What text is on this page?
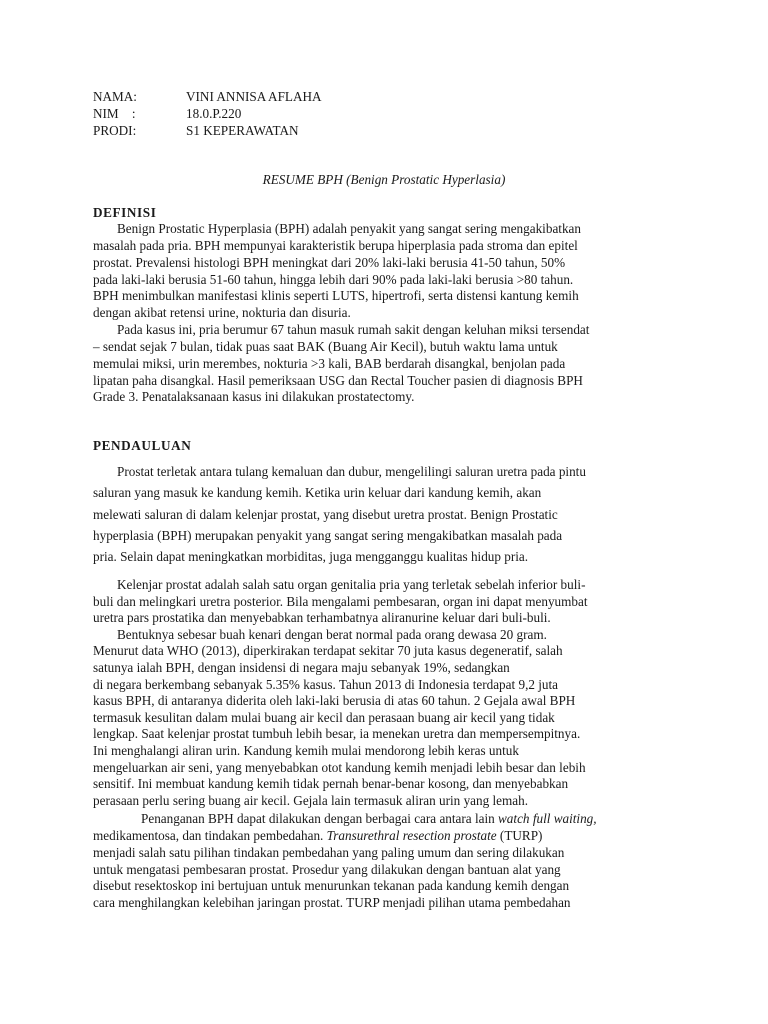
NAMA:	VINI ANNISA AFLAHA
NIM    :	18.0.P.220
PRODI:	S1 KEPERAWATAN
RESUME BPH (Benign Prostatic Hyperlasia)
DEFINISI
Benign Prostatic Hyperplasia (BPH) adalah penyakit yang sangat sering mengakibatkan
masalah pada pria. BPH mempunyai karakteristik berupa hiperplasia pada stroma dan epitel
prostat. Prevalensi histologi BPH meningkat dari 20% laki-laki berusia 41-50 tahun, 50%
pada laki-laki berusia 51-60 tahun, hingga lebih dari 90% pada laki-laki berusia >80 tahun.
BPH menimbulkan manifestasi klinis seperti LUTS, hipertrofi, serta distensi kantung kemih
dengan akibat retensi urine, nokturia dan disuria.
Pada kasus ini, pria berumur 67 tahun masuk rumah sakit dengan keluhan miksi tersendat
– sendat sejak 7 bulan, tidak puas saat BAK (Buang Air Kecil), butuh waktu lama untuk
memulai miksi, urin merembes, nokturia >3 kali, BAB berdarah disangkal, benjolan pada
lipatan paha disangkal. Hasil pemeriksaan USG dan Rectal Toucher pasien di diagnosis BPH
Grade 3. Penatalaksanaan kasus ini dilakukan prostatectomy.
PENDAULUAN
Prostat terletak antara tulang kemaluan dan dubur, mengelilingi saluran uretra pada pintu
saluran yang masuk ke kandung kemih. Ketika urin keluar dari kandung kemih, akan
melewati saluran di dalam kelenjar prostat, yang disebut uretra prostat. Benign Prostatic
hyperplasia (BPH) merupakan penyakit yang sangat sering mengakibatkan masalah pada
pria. Selain dapat meningkatkan morbiditas, juga mengganggu kualitas hidup pria.
Kelenjar prostat adalah salah satu organ genitalia pria yang terletak sebelah inferior buli-
buli dan melingkari uretra posterior. Bila mengalami pembesaran, organ ini dapat menyumbat
uretra pars prostatika dan menyebabkan terhambatnya aliranurine keluar dari buli-buli.
Bentuknya sebesar buah kenari dengan berat normal pada orang dewasa 20 gram.
Menurut data WHO (2013), diperkirakan terdapat sekitar 70 juta kasus degeneratif, salah
satunya ialah BPH, dengan insidensi di negara maju sebanyak 19%, sedangkan
di negara berkembang sebanyak 5.35% kasus. Tahun 2013 di Indonesia terdapat 9,2 juta
kasus BPH, di antaranya diderita oleh laki-laki berusia di atas 60 tahun. 2 Gejala awal BPH
termasuk kesulitan dalam mulai buang air kecil dan perasaan buang air kecil yang tidak
lengkap. Saat kelenjar prostat tumbuh lebih besar, ia menekan uretra dan mempersempitnya.
Ini menghalangi aliran urin. Kandung kemih mulai mendorong lebih keras untuk
mengeluarkan air seni, yang menyebabkan otot kandung kemih menjadi lebih besar dan lebih
sensitif. Ini membuat kandung kemih tidak pernah benar-benar kosong, dan menyebabkan
perasaan perlu sering buang air kecil. Gejala lain termasuk aliran urin yang lemah.
Penanganan BPH dapat dilakukan dengan berbagai cara antara lain watch full waiting,
medikamentosa, dan tindakan pembedahan. Transurethral resection prostate (TURP)
menjadi salah satu pilihan tindakan pembedahan yang paling umum dan sering dilakukan
untuk mengatasi pembesaran prostat. Prosedur yang dilakukan dengan bantuan alat yang
disebut resektoskop ini bertujuan untuk menurunkan tekanan pada kandung kemih dengan
cara menghilangkan kelebihan jaringan prostat. TURP menjadi pilihan utama pembedahan
